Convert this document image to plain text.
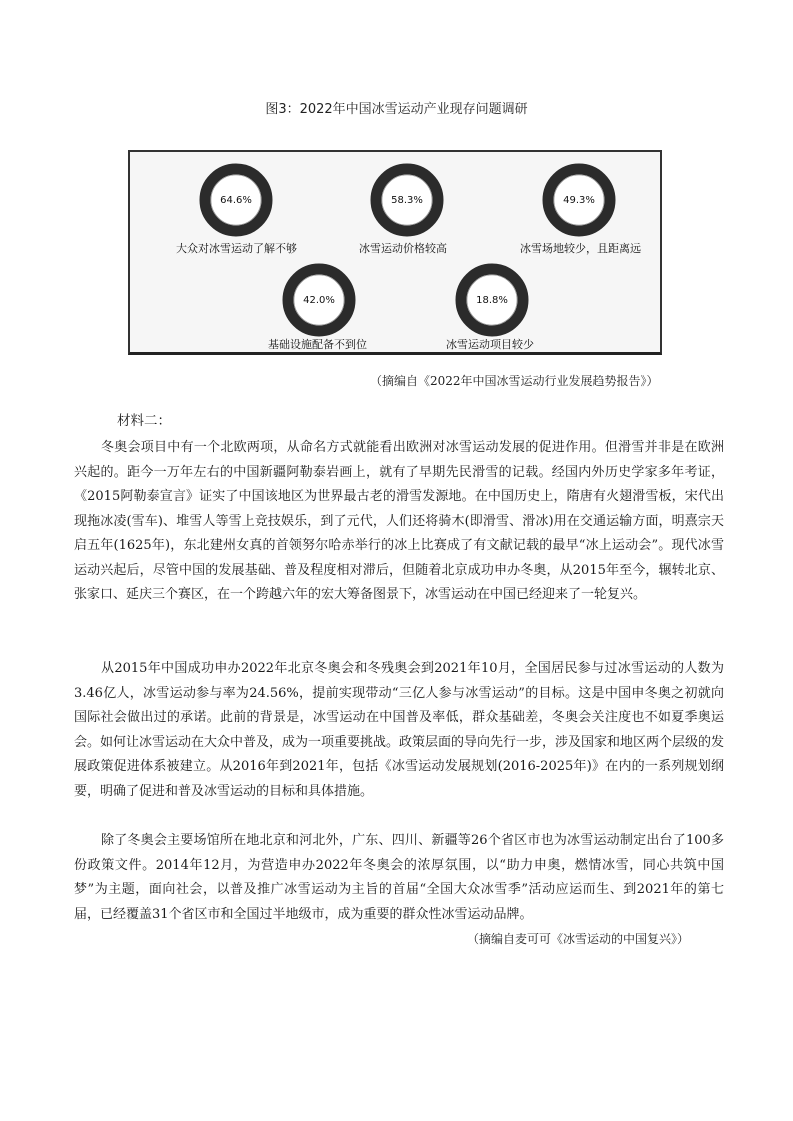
图3：2022年中国冰雪运动产业现存问题调研
64.6%
大众对冰雪运动了解不够
58.3%
冰雪运动价格较高
49.3%
冰雪场地较少，且距离远
42.0%
基础设施配备不到位
18.8%
冰雪运动项目较少
（摘编自《2022年中国冰雪运动行业发展趋势报告》）
材料二：

冬奥会项目中有一个北欧两项，从命名方式就能看出欧洲对冰雪运动发展的促进作用。但滑雪并非是在欧洲兴起的。距今一万年左右的中国新疆阿勒泰岩画上，就有了早期先民滑雪的记载。经国内外历史学家多年考证，《2015阿勒泰宣言》证实了中国该地区为世界最古老的滑雪发源地。在中国历史上，隋唐有火翅滑雪板，宋代出现拖冰凌(雪车)、堆雪人等雪上竞技娱乐，到了元代，人们还将骑木(即滑雪、滑冰)用在交通运输方面，明熹宗天启五年(1625年)，东北建州女真的首领努尔哈赤举行的冰上比赛成了有文献记载的最早“冰上运动会”。现代冰雪运动兴起后，尽管中国的发展基础、普及程度相对滞后，但随着北京成功申办冬奥，从2015年至今，辗转北京、张家口、延庆三个赛区，在一个跨越六年的宏大筹备图景下，冰雪运动在中国已经迎来了一轮复兴。

从2015年中国成功申办2022年北京冬奥会和冬残奥会到2021年10月，全国居民参与过冰雪运动的人数为3.46亿人，冰雪运动参与率为24.56%，提前实现带动“三亿人参与冰雪运动”的目标。这是中国申冬奥之初就向国际社会做出过的承诺。此前的背景是，冰雪运动在中国普及率低，群众基础差，冬奥会关注度也不如夏季奥运会。如何让冰雪运动在大众中普及，成为一项重要挑战。政策层面的导向先行一步，涉及国家和地区两个层级的发展政策促进体系被建立。从2016年到2021年，包括《冰雪运动发展规划(2016-2025年)》在内的一系列规划纲要，明确了促进和普及冰雪运动的目标和具体措施。

除了冬奥会主要场馆所在地北京和河北外，广东、四川、新疆等26个省区市也为冰雪运动制定出台了100多份政策文件。2014年12月，为营造申办2022年冬奥会的浓厚氛围，以“助力申奥，燃情冰雪，同心共筑中国梦”为主题，面向社会，以普及推广冰雪运动为主旨的首届“全国大众冰雪季”活动应运而生、到2021年的第七届，已经覆盖31个省区市和全国过半地级市，成为重要的群众性冰雪运动品牌。

（摘编自麦可可《冰雪运动的中国复兴》）
